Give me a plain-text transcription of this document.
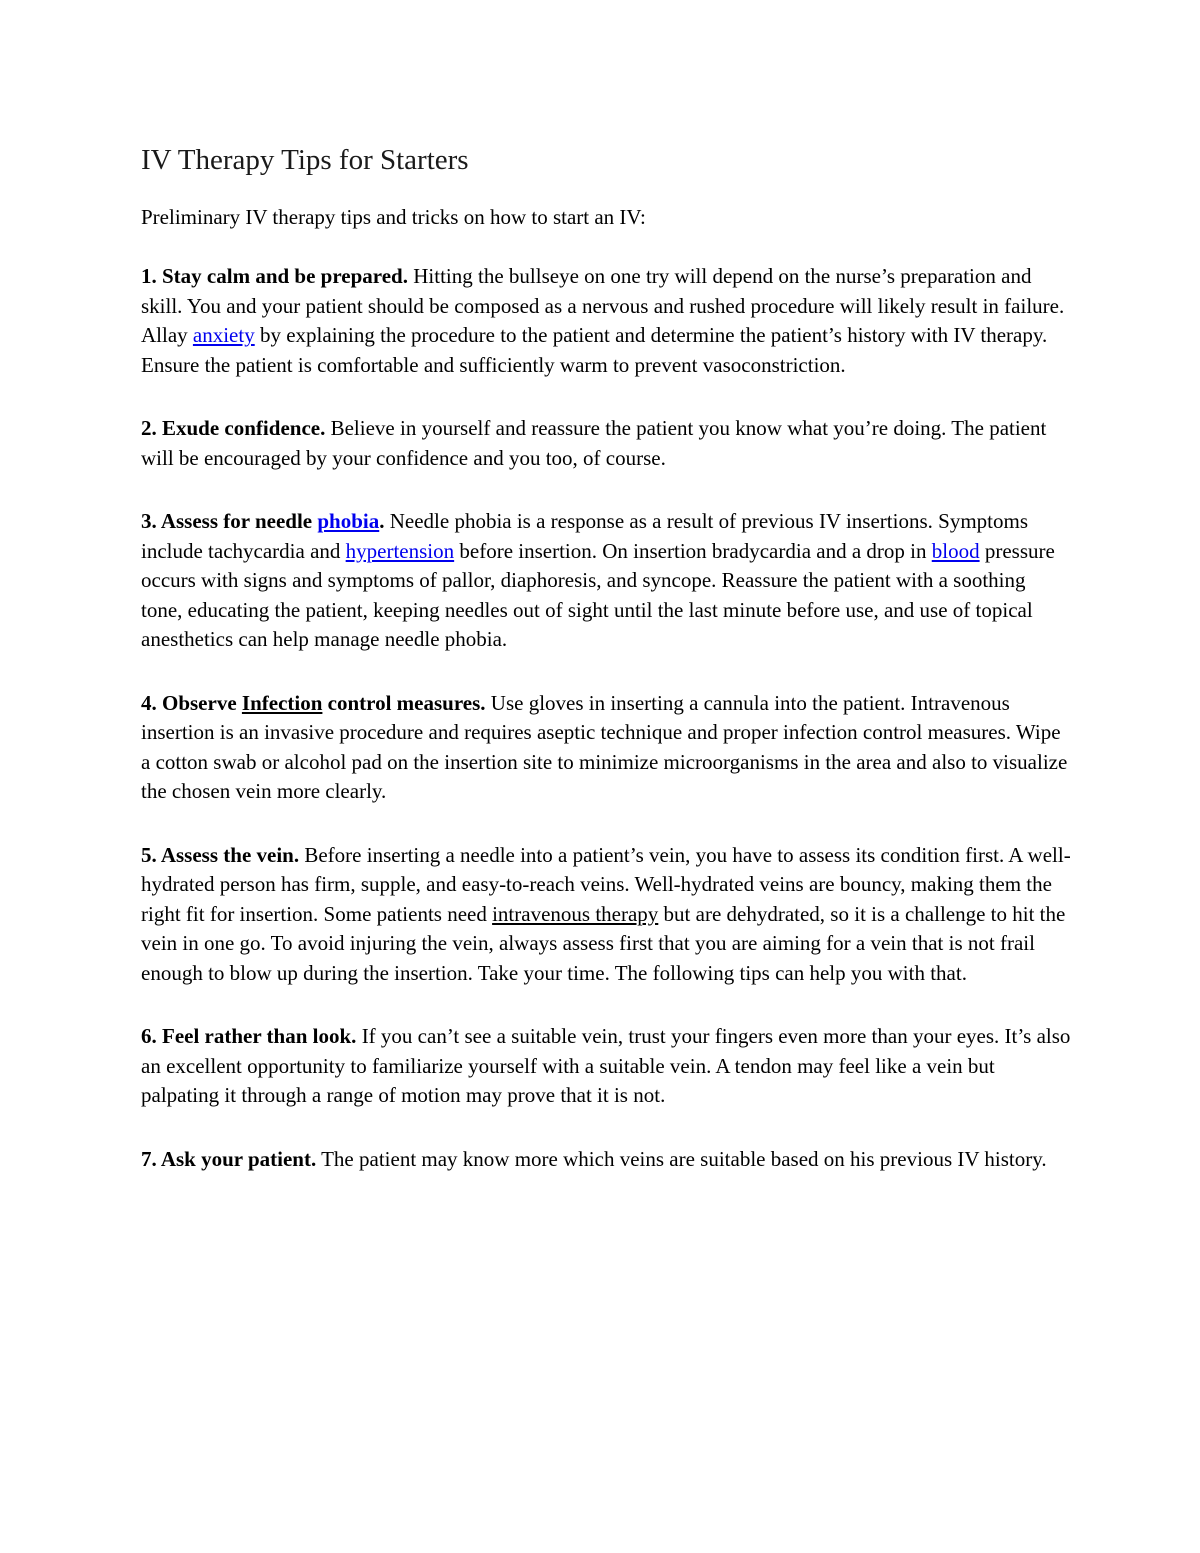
IV Therapy Tips for Starters

Preliminary IV therapy tips and tricks on how to start an IV:

1. Stay calm and be prepared. Hitting the bullseye on one try will depend on the nurse’s preparation and skill. You and your patient should be composed as a nervous and rushed procedure will likely result in failure. Allay anxiety by explaining the procedure to the patient and determine the patient’s history with IV therapy. Ensure the patient is comfortable and sufficiently warm to prevent vasoconstriction.

2. Exude confidence. Believe in yourself and reassure the patient you know what you’re doing. The patient will be encouraged by your confidence and you too, of course.

3. Assess for needle phobia. Needle phobia is a response as a result of previous IV insertions. Symptoms include tachycardia and hypertension before insertion. On insertion bradycardia and a drop in blood pressure occurs with signs and symptoms of pallor, diaphoresis, and syncope. Reassure the patient with a soothing tone, educating the patient, keeping needles out of sight until the last minute before use, and use of topical anesthetics can help manage needle phobia.

4. Observe Infection control measures. Use gloves in inserting a cannula into the patient. Intravenous insertion is an invasive procedure and requires aseptic technique and proper infection control measures. Wipe a cotton swab or alcohol pad on the insertion site to minimize microorganisms in the area and also to visualize the chosen vein more clearly.

5. Assess the vein. Before inserting a needle into a patient’s vein, you have to assess its condition first. A well-hydrated person has firm, supple, and easy-to-reach veins. Well-hydrated veins are bouncy, making them the right fit for insertion. Some patients need intravenous therapy but are dehydrated, so it is a challenge to hit the vein in one go. To avoid injuring the vein, always assess first that you are aiming for a vein that is not frail enough to blow up during the insertion. Take your time. The following tips can help you with that.

6. Feel rather than look. If you can’t see a suitable vein, trust your fingers even more than your eyes. It’s also an excellent opportunity to familiarize yourself with a suitable vein. A tendon may feel like a vein but palpating it through a range of motion may prove that it is not.

7. Ask your patient. The patient may know more which veins are suitable based on his previous IV history.
